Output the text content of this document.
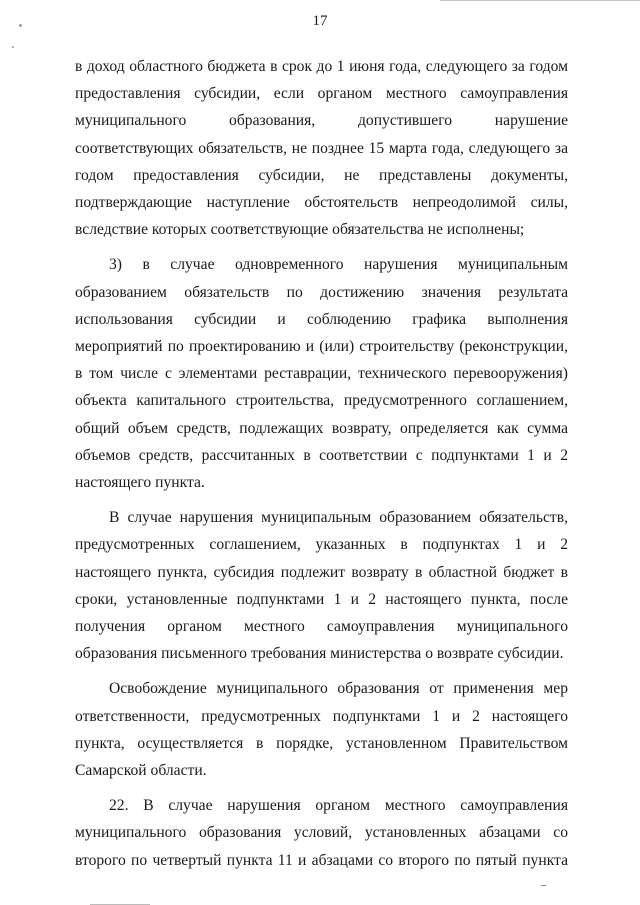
17

в доход областного бюджета в срок до 1 июня года, следующего за годом предоставления субсидии, если органом местного самоуправления муниципального образования, допустившего нарушение соответствующих обязательств, не позднее 15 марта года, следующего за годом предоставления субсидии, не представлены документы, подтверждающие наступление обстоятельств непреодолимой силы, вследствие которых соответствующие обязательства не исполнены;

3) в случае одновременного нарушения муниципальным образованием обязательств по достижению значения результата использования субсидии и соблюдению графика выполнения мероприятий по проектированию и (или) строительству (реконструкции, в том числе с элементами реставрации, технического перевооружения) объекта капитального строительства, предусмотренного соглашением, общий объем средств, подлежащих возврату, определяется как сумма объемов средств, рассчитанных в соответствии с подпунктами 1 и 2 настоящего пункта.

В случае нарушения муниципальным образованием обязательств, предусмотренных соглашением, указанных в подпунктах 1 и 2 настоящего пункта, субсидия подлежит возврату в областной бюджет в сроки, установленные подпунктами 1 и 2 настоящего пункта, после получения органом местного самоуправления муниципального образования письменного требования министерства о возврате субсидии.

Освобождение муниципального образования от применения мер ответственности, предусмотренных подпунктами 1 и 2 настоящего пункта, осуществляется в порядке, установленном Правительством Самарской области.

22. В случае нарушения органом местного самоуправления муниципального образования условий, установленных абзацами со второго по четвертый пункта 11 и абзацами со второго по пятый пункта
